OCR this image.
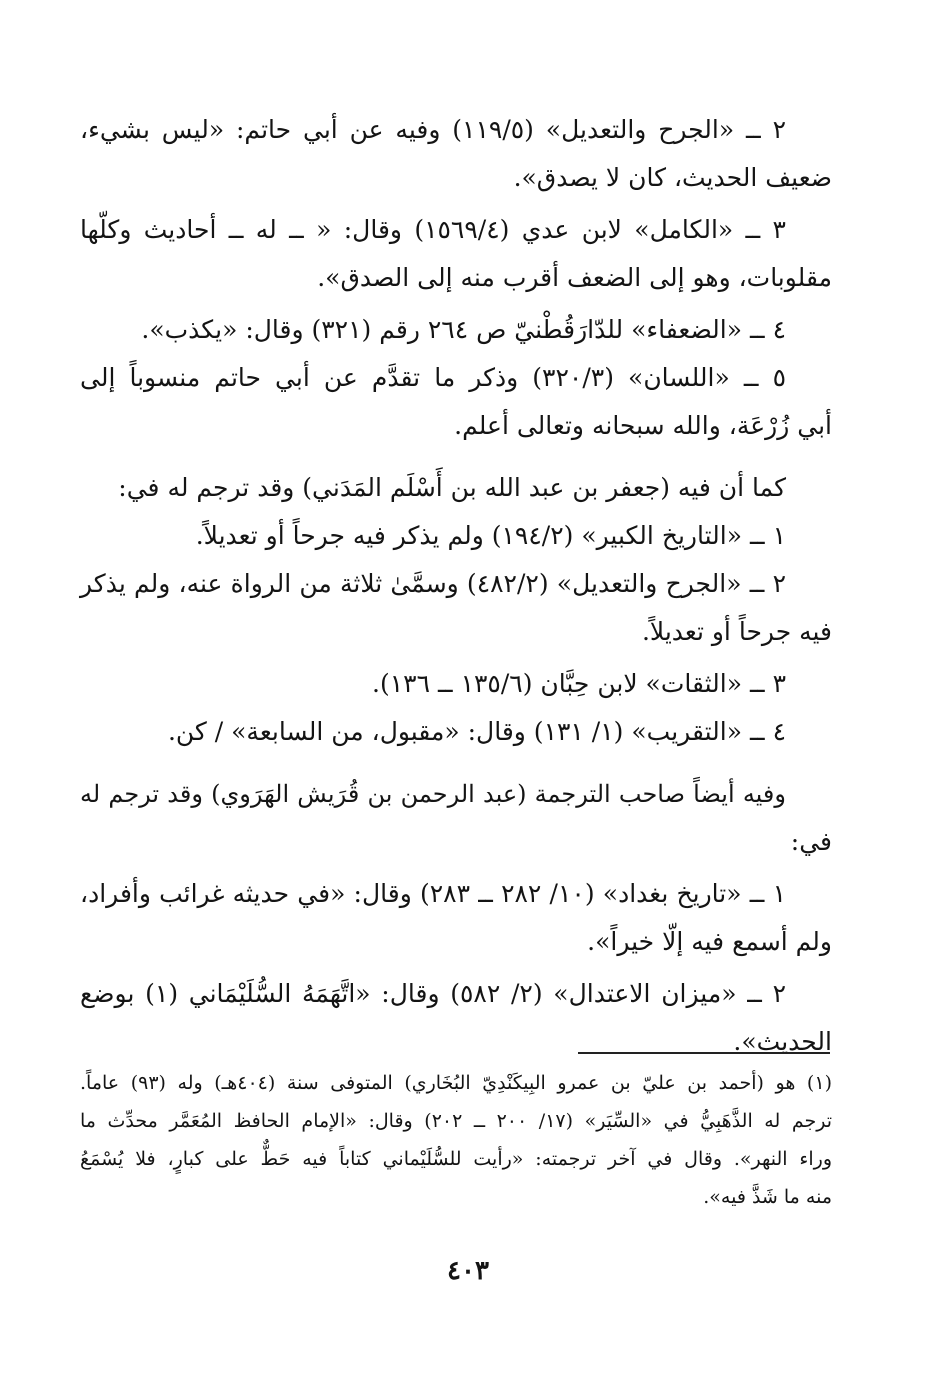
٢ ــ «الجرح والتعديل» (١١٩/٥) وفيه عن أبي حاتم: «ليس بشيء،
ضعيف الحديث، كان لا يصدق».
٣ ــ «الكامل» لابن عدي (١٥٦٩/٤) وقال: « ــ له ــ أحاديث وكلّها
مقلوبات، وهو إلى الضعف أقرب منه إلى الصدق».
٤ ــ «الضعفاء» للدّارَقُطْنيّ ص ٢٦٤ رقم (٣٢١) وقال: «يكذب».
٥ ــ «اللسان» (٣٢٠/٣) وذكر ما تقدَّم عن أبي حاتم منسوباً إلى
أبي زُرْعَة، والله سبحانه وتعالى أعلم.
كما أن فيه (جعفر بن عبد الله بن أَسْلَم المَدَني) وقد ترجم له في:
١ ــ «التاريخ الكبير» (١٩٤/٢) ولم يذكر فيه جرحاً أو تعديلاً.
٢ ــ «الجرح والتعديل» (٤٨٢/٢) وسمَّىٰ ثلاثة من الرواة عنه، ولم يذكر
فيه جرحاً أو تعديلاً.
٣ ــ «الثقات» لابن حِبَّان (١٣٥/٦ ــ ١٣٦).
٤ ــ «التقريب» (١/ ١٣١) وقال: «مقبول، من السابعة» / كن.
وفيه أيضاً صاحب الترجمة (عبد الرحمن بن قُرَيش الهَرَوي) وقد ترجم له
في:
١ ــ «تاريخ بغداد» (١٠/ ٢٨٢ ــ ٢٨٣) وقال: «في حديثه غرائب وأفراد،
ولم أسمع فيه إلّا خيراً».
٢ ــ «ميزان الاعتدال» (٢/ ٥٨٢) وقال: «اتَّهَمَهُ السُّلَيْمَاني (١) بوضع
الحديث».
(١) هو (أحمد بن عليّ بن عمرو البِيكَنْدِيّ البُخَاري) المتوفى سنة (٤٠٤هـ) وله (٩٣) عاماً.
ترجم له الذَّهَبِيُّ في «السِّيَر» (١٧/ ٢٠٠ ــ ٢٠٢) وقال: «الإمام الحافظ المُعَمَّر محدِّث ما
وراء النهر». وقال في آخر ترجمته: «رأيت للسُّلَيْماني كتاباً فيه حَطٌّ على كبارٍ، فلا يُسْمَعُ
منه ما شَذَّ فيه».
٤٠٣
